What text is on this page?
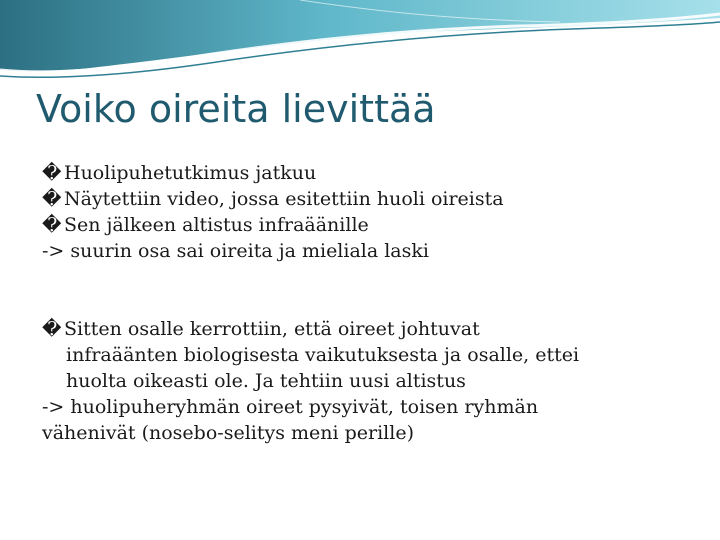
Voiko oireita lievittää
� Huolipuhetutkimus jatkuu
� Näytettiin video, jossa esitettiin huoli oireista
� Sen jälkeen altistus infraäänille
-> suurin osa sai oireita ja mieliala laski
� Sitten osalle kerrottiin, että oireet johtuvat
infraäänten biologisesta vaikutuksesta ja osalle, ettei
huolta oikeasti ole. Ja tehtiin uusi altistus
-> huolipuheryhmän oireet pysyivät, toisen ryhmän
vähenivät (nosebo-selitys meni perille)
